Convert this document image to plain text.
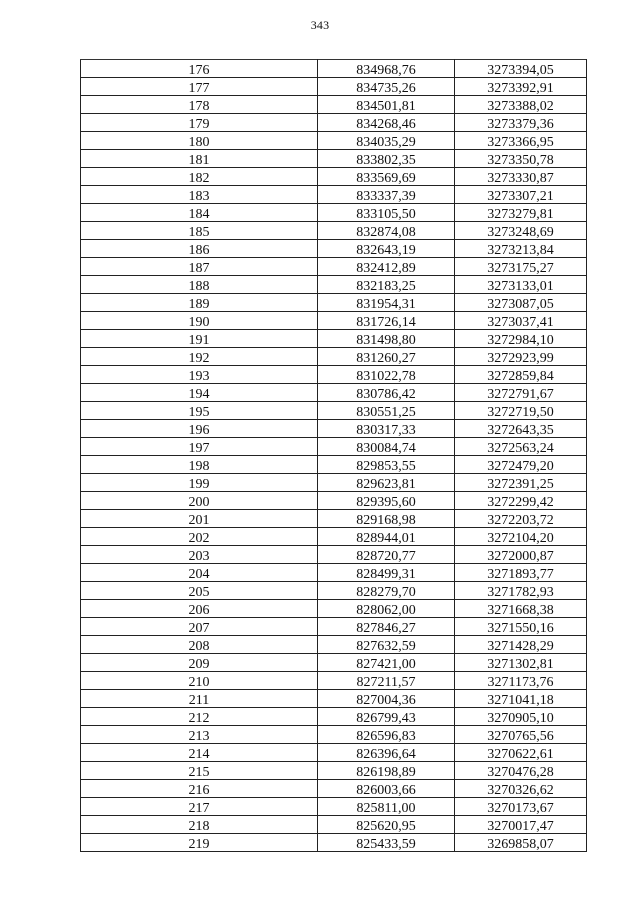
343
176	834968,76	3273394,05
177	834735,26	3273392,91
178	834501,81	3273388,02
179	834268,46	3273379,36
180	834035,29	3273366,95
181	833802,35	3273350,78
182	833569,69	3273330,87
183	833337,39	3273307,21
184	833105,50	3273279,81
185	832874,08	3273248,69
186	832643,19	3273213,84
187	832412,89	3273175,27
188	832183,25	3273133,01
189	831954,31	3273087,05
190	831726,14	3273037,41
191	831498,80	3272984,10
192	831260,27	3272923,99
193	831022,78	3272859,84
194	830786,42	3272791,67
195	830551,25	3272719,50
196	830317,33	3272643,35
197	830084,74	3272563,24
198	829853,55	3272479,20
199	829623,81	3272391,25
200	829395,60	3272299,42
201	829168,98	3272203,72
202	828944,01	3272104,20
203	828720,77	3272000,87
204	828499,31	3271893,77
205	828279,70	3271782,93
206	828062,00	3271668,38
207	827846,27	3271550,16
208	827632,59	3271428,29
209	827421,00	3271302,81
210	827211,57	3271173,76
211	827004,36	3271041,18
212	826799,43	3270905,10
213	826596,83	3270765,56
214	826396,64	3270622,61
215	826198,89	3270476,28
216	826003,66	3270326,62
217	825811,00	3270173,67
218	825620,95	3270017,47
219	825433,59	3269858,07
